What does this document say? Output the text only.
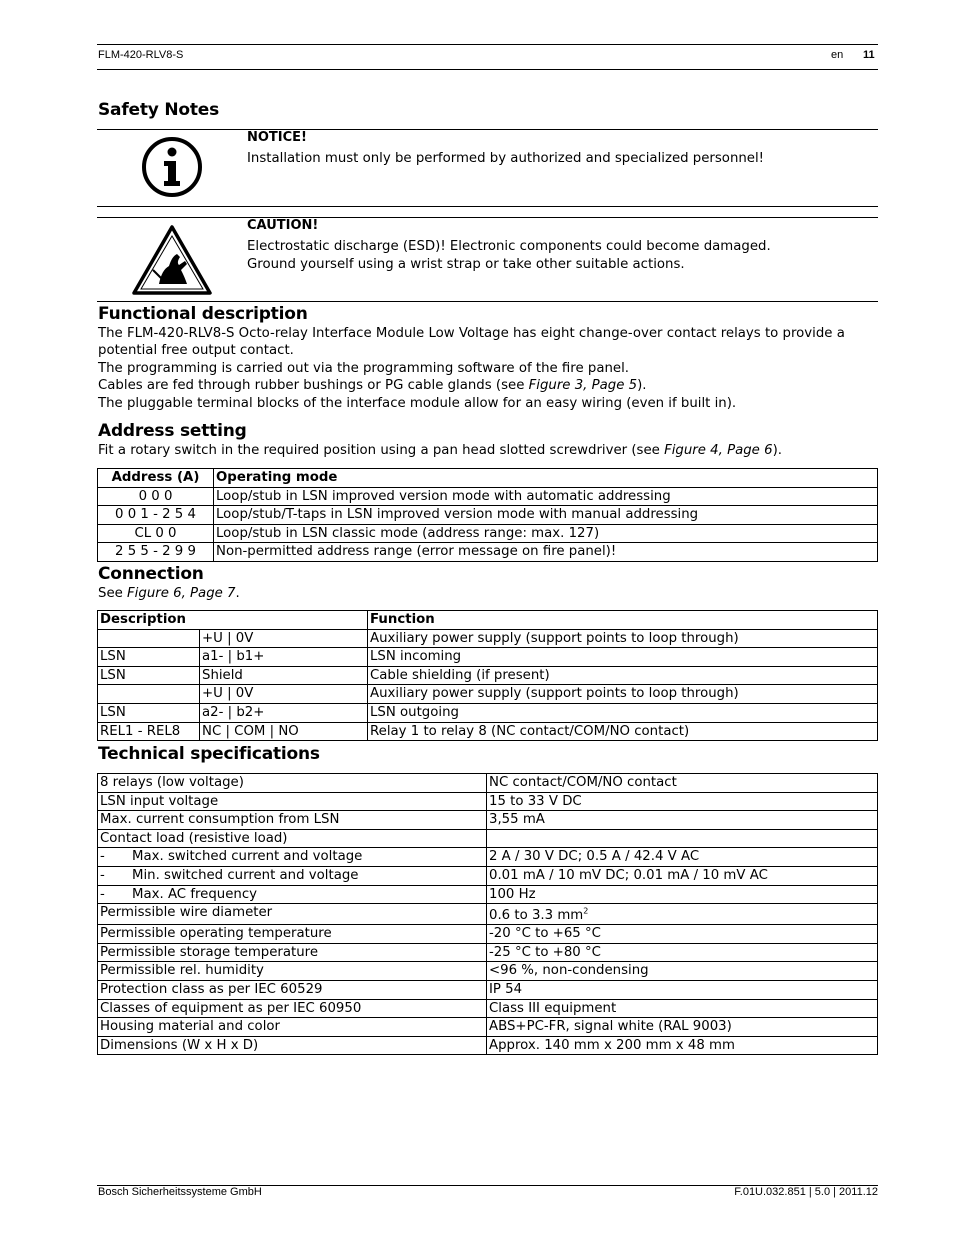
FLM-420-RLV8-S	en 11
Safety Notes
NOTICE!
Installation must only be performed by authorized and specialized personnel!
CAUTION!
Electrostatic discharge (ESD)! Electronic components could become damaged.
Ground yourself using a wrist strap or take other suitable actions.
Functional description

The FLM-420-RLV8-S Octo-relay Interface Module Low Voltage has eight change-over contact relays to provide a

potential free output contact.

The programming is carried out via the programming software of the fire panel.

Cables are fed through rubber bushings or PG cable glands (see Figure 3, Page 5).

The pluggable terminal blocks of the interface module allow for an easy wiring (even if built in).

Address setting

Fit a rotary switch in the required position using a pan head slotted screwdriver (see Figure 4, Page 6).

Address (A)	Operating mode
0 0 0	Loop/stub in LSN improved version mode with automatic addressing
0 0 1 - 2 5 4	Loop/stub/T-taps in LSN improved version mode with manual addressing
CL 0 0	Loop/stub in LSN classic mode (address range: max. 127)
2 5 5 - 2 9 9	Non-permitted address range (error message on fire panel)!
Connection

See Figure 6, Page 7.

Description		Function
	+U | 0V	Auxiliary power supply (support points to loop through)
LSN	a1- | b1+	LSN incoming
LSN	Shield	Cable shielding (if present)
	+U | 0V	Auxiliary power supply (support points to loop through)
LSN	a2- | b2+	LSN outgoing
REL1 - REL8	NC | COM | NO	Relay 1 to relay 8 (NC contact/COM/NO contact)
Technical specifications
8 relays (low voltage)	NC contact/COM/NO contact
LSN input voltage	15 to 33 V DC
Max. current consumption from LSN	3,55 mA
Contact load (resistive load)	

- Max. switched current and voltage	2 A / 30 V DC; 0.5 A / 42.4 V AC

- Min. switched current and voltage	0.01 mA / 10 mV DC; 0.01 mA / 10 mV AC

- Max. AC frequency	100 Hz
Permissible wire diameter	0.6 to 3.3 $mm^2$
Permissible operating temperature	-20 °C to +65 °C
Permissible storage temperature	-25 °C to +80 °C
Permissible rel. humidity	<96 %, non-condensing
Protection class as per IEC 60529	IP 54
Classes of equipment as per IEC 60950	Class III equipment
Housing material and color	ABS+PC-FR, signal white (RAL 9003)
Dimensions (W x H x D)	Approx. 140 mm x 200 mm x 48 mm
Bosch Sicherheitssysteme GmbH	F.01U.032.851 | 5.0 | 2011.12
